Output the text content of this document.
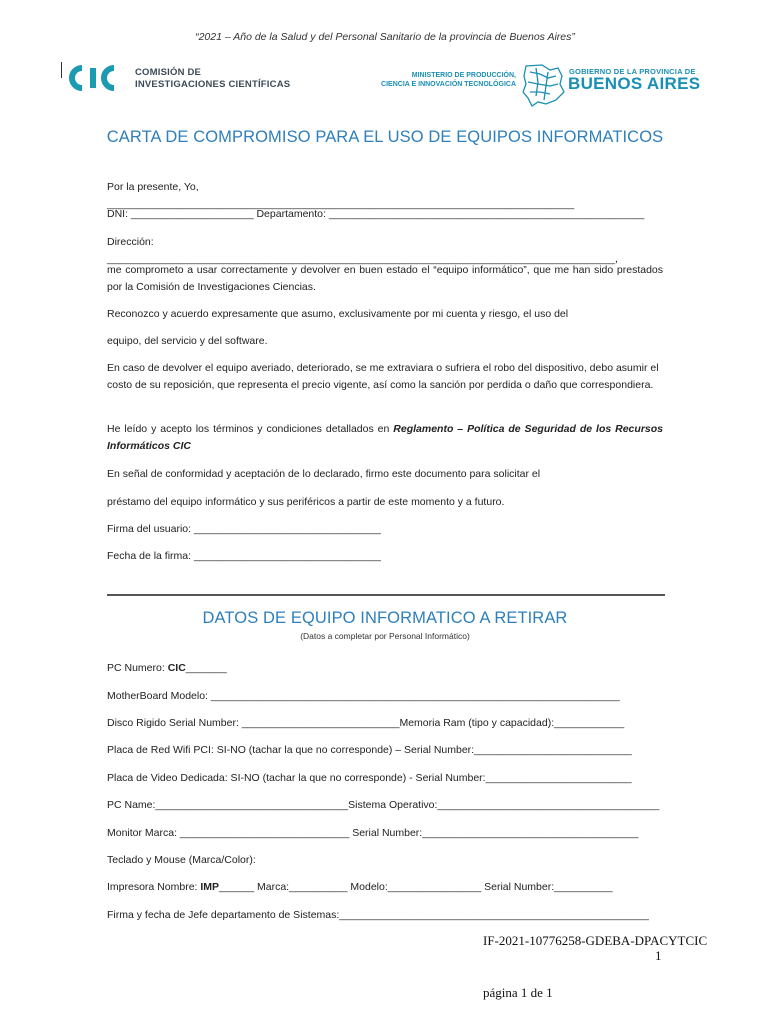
“2021 – Año de la Salud y del Personal Sanitario de la provincia de Buenos Aires”
COMISIÓN DE
INVESTIGACIONES CIENTÍFICAS
MINISTERIO DE PRODUCCIÓN,
CIENCIA E INNOVACIÓN TECNOLÓGICA
GOBIERNO DE LA PROVINCIA DE
BUENOS AIRES
CARTA DE COMPROMISO PARA EL USO DE EQUIPOS INFORMATICOS
Por la presente, Yo, ________________________________________________________________________________
DNI: _____________________ Departamento: ______________________________________________________
Dirección: _______________________________________________________________________________________,
me comprometo a usar correctamente y devolver en buen estado el “equipo informático”, que me han sido prestados por la Comisión de Investigaciones Ciencias.
Reconozco y acuerdo expresamente que asumo, exclusivamente por mi cuenta y riesgo, el uso del
equipo, del servicio y del software.
En caso de devolver el equipo averiado, deteriorado, se me extraviara o sufriera el robo del dispositivo, debo asumir el costo de su reposición, que representa el precio vigente, así como la sanción por perdida o daño que correspondiera.
He leído y acepto los términos y condiciones detallados en Reglamento – Política de Seguridad de los Recursos Informáticos CIC
En señal de conformidad y aceptación de lo declarado, firmo este documento para solicitar el
préstamo del equipo informático y sus periféricos a partir de este momento y a futuro.
Firma del usuario: ________________________________
Fecha de la firma: ________________________________
DATOS DE EQUIPO INFORMATICO A RETIRAR
(Datos a completar por Personal Informático)
PC Numero: CIC_______
MotherBoard Modelo: ______________________________________________________________________
Disco Rigido Serial Number: ___________________________Memoria Ram (tipo y capacidad):____________
Placa de Red Wifi PCI: SI-NO (tachar la que no corresponde) – Serial Number:___________________________
Placa de Video Dedicada: SI-NO (tachar la que no corresponde) - Serial Number:_________________________
PC Name:_________________________________Sistema Operativo:______________________________________
Monitor Marca: _____________________________ Serial Number:_____________________________________
Teclado y Mouse (Marca/Color):
Impresora Nombre: IMP______ Marca:__________ Modelo:________________ Serial Number:__________
Firma y fecha de Jefe departamento de Sistemas:_____________________________________________________
IF-2021-10776258-GDEBA-DPACYTCIC
1
página 1 de 1
